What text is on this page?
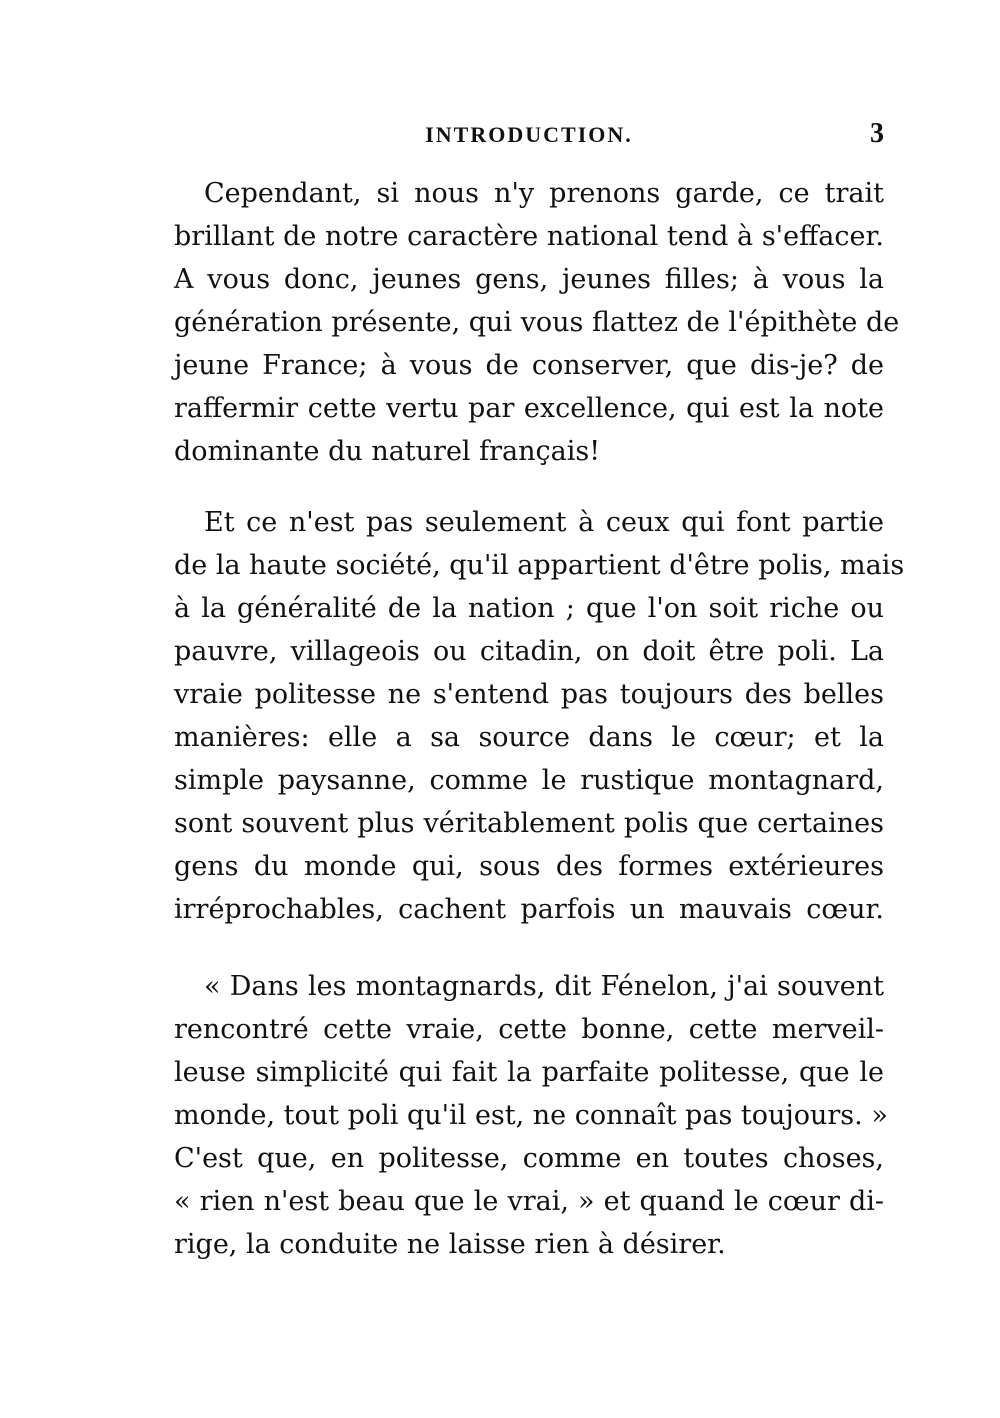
INTRODUCTION.	3
Cependant, si nous n'y prenons garde, ce trait
brillant de notre caractère national tend à s'effacer.
A vous donc, jeunes gens, jeunes filles; à vous la
génération présente, qui vous flattez de l'épithète de
jeune France; à vous de conserver, que dis-je? de
raffermir cette vertu par excellence, qui est la note
dominante du naturel français!
Et ce n'est pas seulement à ceux qui font partie
de la haute société, qu'il appartient d'être polis, mais
à la généralité de la nation ; que l'on soit riche ou
pauvre, villageois ou citadin, on doit être poli. La
vraie politesse ne s'entend pas toujours des belles
manières: elle a sa source dans le cœur; et la
simple paysanne, comme le rustique montagnard,
sont souvent plus véritablement polis que certaines
gens du monde qui, sous des formes extérieures
irréprochables, cachent parfois un mauvais cœur.
« Dans les montagnards, dit Fénelon, j'ai souvent
rencontré cette vraie, cette bonne, cette merveil-
leuse simplicité qui fait la parfaite politesse, que le
monde, tout poli qu'il est, ne connaît pas toujours. »
C'est que, en politesse, comme en toutes choses,
« rien n'est beau que le vrai, » et quand le cœur di-
rige, la conduite ne laisse rien à désirer.
